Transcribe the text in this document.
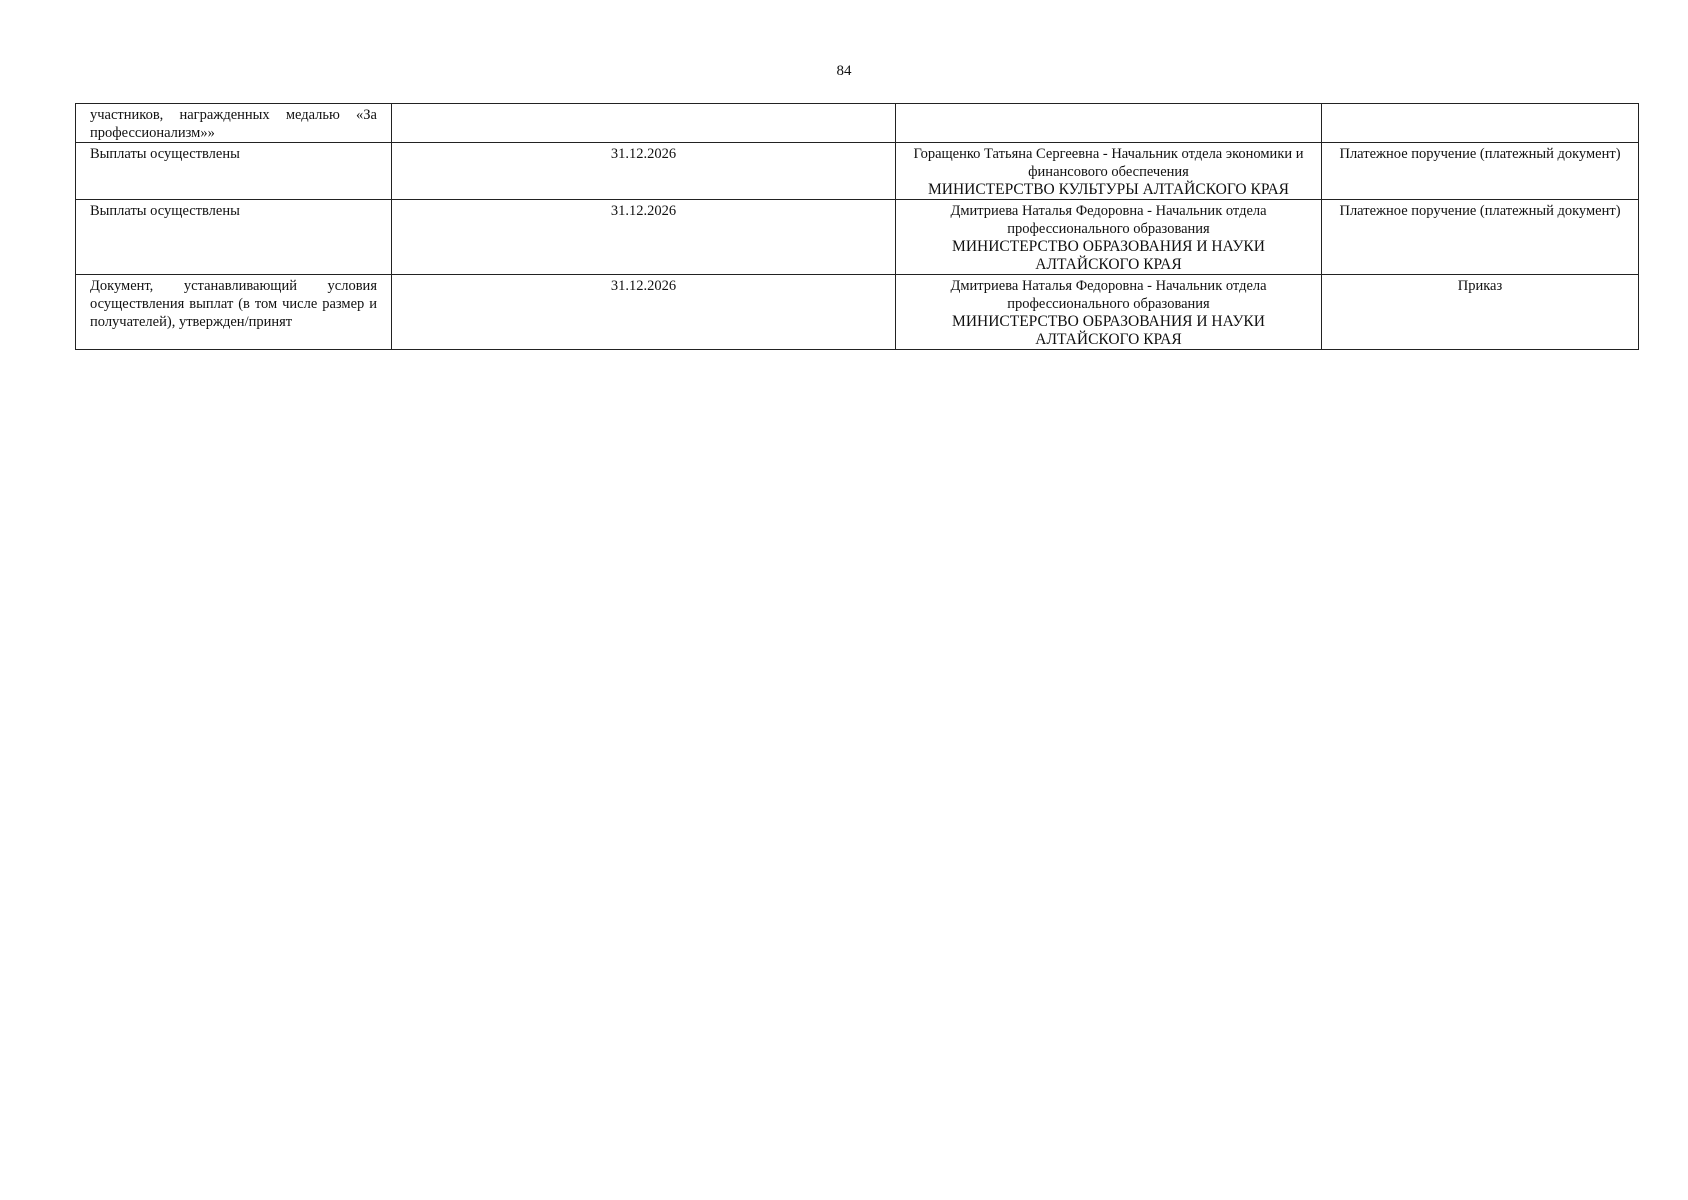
84
участников, награжденных медалью «За профессионализм»»		

Выплаты осуществлены	31.12.2026	Горащенко Татьяна Сергеевна - Начальник отдела экономики и финансового обеспечения
МИНИСТЕРСТВО КУЛЬТУРЫ АЛТАЙСКОГО КРАЯ	Платежное поручение (платежный документ)
Выплаты осуществлены	31.12.2026	Дмитриева Наталья Федоровна - Начальник отдела профессионального образования
МИНИСТЕРСТВО ОБРАЗОВАНИЯ И НАУКИ АЛТАЙСКОГО КРАЯ	Платежное поручение (платежный документ)
Документ, устанавливающий условия осуществления выплат (в том числе размер и получателей), утвержден/принят	31.12.2026	Дмитриева Наталья Федоровна - Начальник отдела профессионального образования
МИНИСТЕРСТВО ОБРАЗОВАНИЯ И НАУКИ АЛТАЙСКОГО КРАЯ	Приказ
